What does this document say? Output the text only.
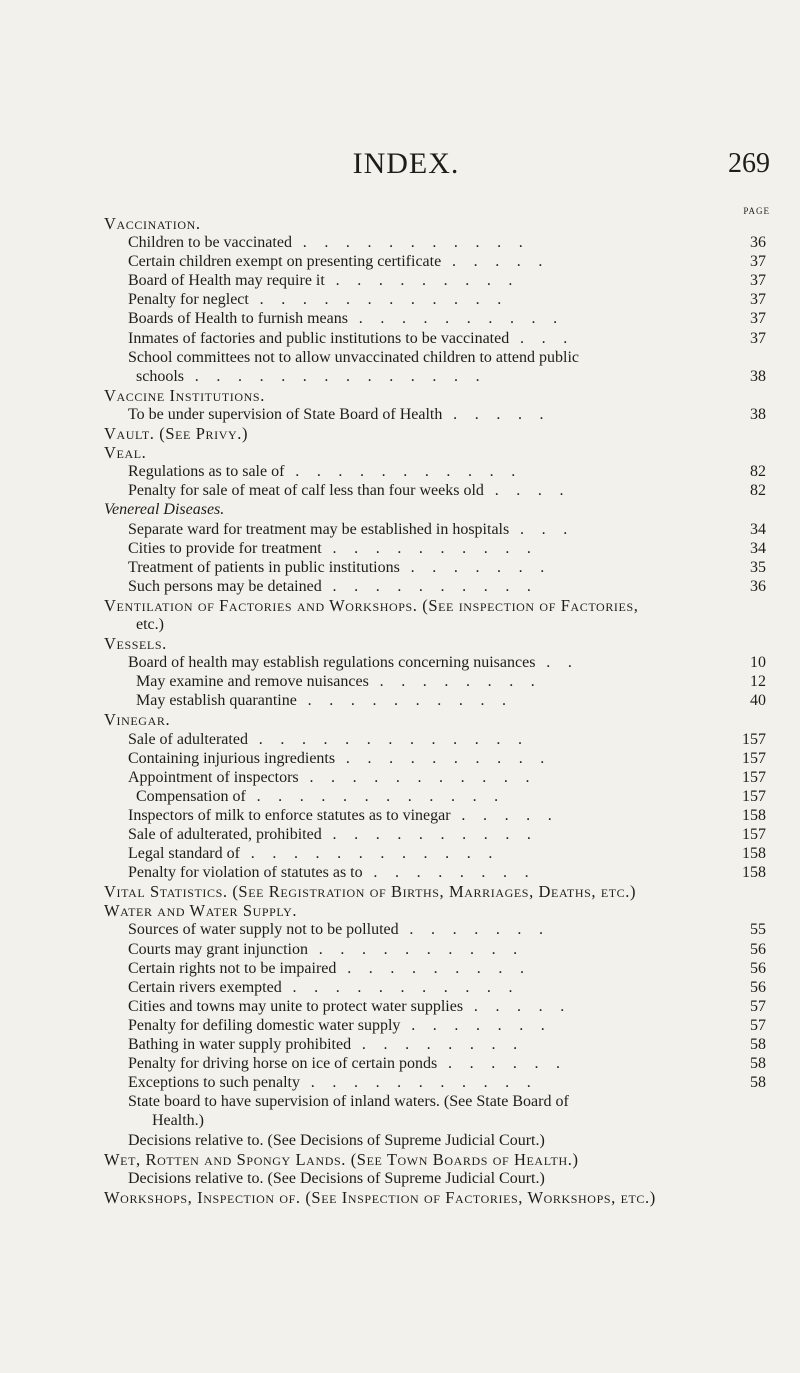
INDEX.	269
PAGE
Vaccination.
Children to be vaccinated . . . . . . . . . . .	36
Certain children exempt on presenting certificate . . . . .	37
Board of Health may require it . . . . . . . . .	37
Penalty for neglect . . . . . . . . . . . .	37
Boards of Health to furnish means . . . . . . . . . .	37
Inmates of factories and public institutions to be vaccinated . . .	37
School committees not to allow unvaccinated children to attend public
schools . . . . . . . . . . . . . .	38
Vaccine Institutions.
To be under supervision of State Board of Health . . . . .	38
Vault. (See Privy.)
Veal.
Regulations as to sale of . . . . . . . . . . .	82
Penalty for sale of meat of calf less than four weeks old . . . .	82
Venereal Diseases.
Separate ward for treatment may be established in hospitals . . .	34
Cities to provide for treatment . . . . . . . . . .	34
Treatment of patients in public institutions . . . . . . .	35
Such persons may be detained . . . . . . . . . .	36
Ventilation of Factories and Workshops. (See inspection of Factories,
etc.)
Vessels.
Board of health may establish regulations concerning nuisances . .	10
May examine and remove nuisances . . . . . . . .	12
May establish quarantine . . . . . . . . . .	40
Vinegar.
Sale of adulterated . . . . . . . . . . . . .	157
Containing injurious ingredients . . . . . . . . . .	157
Appointment of inspectors . . . . . . . . . . .	157
Compensation of . . . . . . . . . . . .	157
Inspectors of milk to enforce statutes as to vinegar . . . . .	158
Sale of adulterated, prohibited . . . . . . . . . .	157
Legal standard of . . . . . . . . . . . .	158
Penalty for violation of statutes as to . . . . . . . .	158
Vital Statistics. (See Registration of Births, Marriages, Deaths, etc.)
Water and Water Supply.
Sources of water supply not to be polluted . . . . . . .	55
Courts may grant injunction . . . . . . . . . .	56
Certain rights not to be impaired . . . . . . . . .	56
Certain rivers exempted . . . . . . . . . . .	56
Cities and towns may unite to protect water supplies . . . . .	57
Penalty for defiling domestic water supply . . . . . . .	57
Bathing in water supply prohibited . . . . . . . .	58
Penalty for driving horse on ice of certain ponds . . . . . .	58
Exceptions to such penalty . . . . . . . . . . .	58
State board to have supervision of inland waters. (See State Board of
Health.)
Decisions relative to. (See Decisions of Supreme Judicial Court.)
Wet, Rotten and Spongy Lands. (See Town Boards of Health.)
Decisions relative to. (See Decisions of Supreme Judicial Court.)
Workshops, Inspection of. (See Inspection of Factories, Workshops, etc.)
